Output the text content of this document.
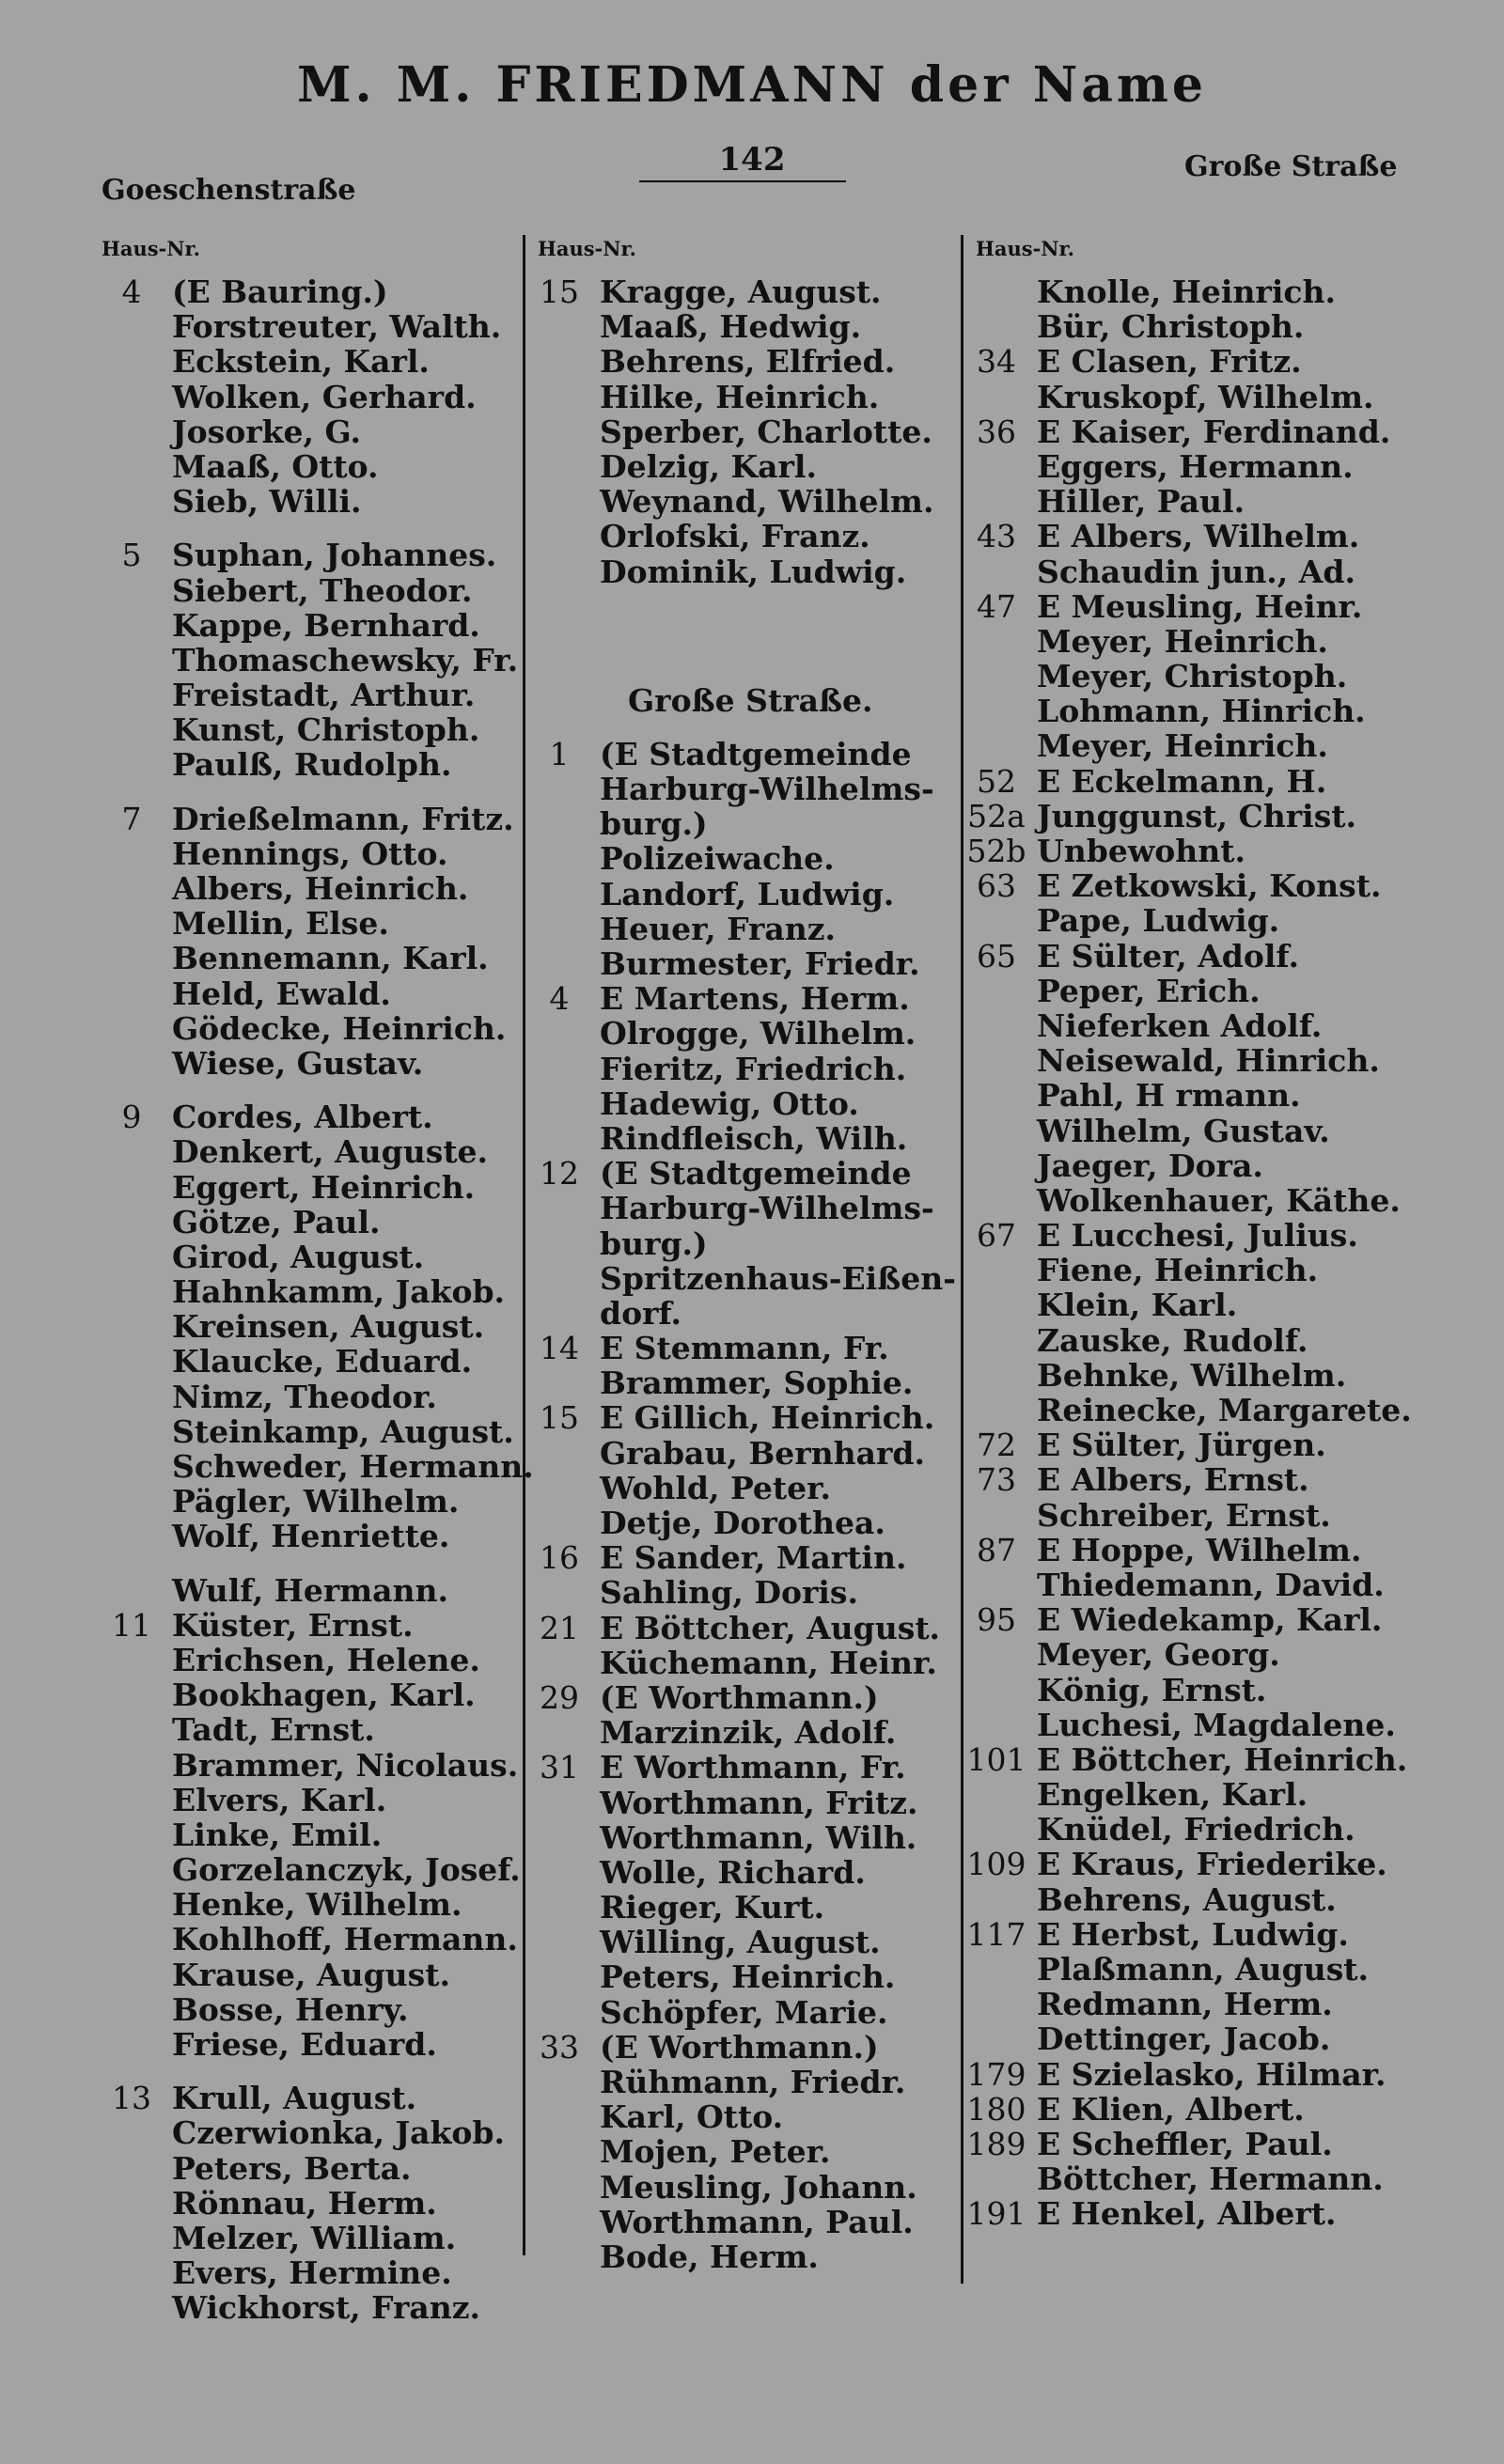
M. M. FRIEDMANN der Name
Goeschenstraße
142	Große Straße
Haus-Nr.	Haus-Nr.	Haus-Nr.
4 (E Bauring.)
Forstreuter, Walth.
Eckstein, Karl.
Wolken, Gerhard.
Josorke, G.
Maaß, Otto.
Sieb, Willi.
5 Suphan, Johannes.
Siebert, Theodor.
Kappe, Bernhard.
Thomaschewsky, Fr.
Freistadt, Arthur.
Kunst, Christoph.
Paulß, Rudolph.
7 Drießelmann, Fritz.
Hennings, Otto.
Albers, Heinrich.
Mellin, Else.
Bennemann, Karl.
Held, Ewald.
Gödecke, Heinrich.
Wiese, Gustav.
9 Cordes, Albert.
Denkert, Auguste.
Eggert, Heinrich.
Götze, Paul.
Girod, August.
Hahnkamm, Jakob.
Kreinsen, August.
Klaucke, Eduard.
Nimz, Theodor.
Steinkamp, August.
Schweder, Hermann.
Pägler, Wilhelm.
Wolf, Henriette.
Wulf, Hermann.
11 Küster, Ernst.
Erichsen, Helene.
Bookhagen, Karl.
Tadt, Ernst.
Brammer, Nicolaus.
Elvers, Karl.
Linke, Emil.
Gorzelanczyk, Josef.
Henke, Wilhelm.
Kohlhoff, Hermann.
Krause, August.
Bosse, Henry.
Friese, Eduard.
13 Krull, August.
Czerwionka, Jakob.
Peters, Berta.
Rönnau, Herm.
Melzer, William.
Evers, Hermine.
Wickhorst, Franz.
15 Kragge, August.
Maaß, Hedwig.
Behrens, Elfried.
Hilke, Heinrich.
Sperber, Charlotte.
Delzig, Karl.
Weynand, Wilhelm.
Orlofski, Franz.
Dominik, Ludwig.
Große Straße.
1 (E Stadtgemeinde
Harburg-Wilhelms-
burg.)
Polizeiwache.
Landorf, Ludwig.
Heuer, Franz.
Burmester, Friedr.
4 E Martens, Herm.
Olrogge, Wilhelm.
Fieritz, Friedrich.
Hadewig, Otto.
Rindfleisch, Wilh.
12 (E Stadtgemeinde
Harburg-Wilhelms-
burg.)
Spritzenhaus-Eißen-
dorf.
14 E Stemmann, Fr.
Brammer, Sophie.
15 E Gillich, Heinrich.
Grabau, Bernhard.
Wohld, Peter.
Detje, Dorothea.
16 E Sander, Martin.
Sahling, Doris.
21 E Böttcher, August.
Küchemann, Heinr.
29 (E Worthmann.)
Marzinzik, Adolf.
31 E Worthmann, Fr.
Worthmann, Fritz.
Worthmann, Wilh.
Wolle, Richard.
Rieger, Kurt.
Willing, August.
Peters, Heinrich.
Schöpfer, Marie.
33 (E Worthmann.)
Rühmann, Friedr.
Karl, Otto.
Mojen, Peter.
Meusling, Johann.
Worthmann, Paul.
Bode, Herm.
Knolle, Heinrich.
Bür, Christoph.
34 E Clasen, Fritz.
Kruskopf, Wilhelm.
36 E Kaiser, Ferdinand.
Eggers, Hermann.
Hiller, Paul.
43 E Albers, Wilhelm.
Schaudin jun., Ad.
47 E Meusling, Heinr.
Meyer, Heinrich.
Meyer, Christoph.
Lohmann, Hinrich.
Meyer, Heinrich.
52 E Eckelmann, H.
52a Junggunst, Christ.
52b Unbewohnt.
63 E Zetkowski, Konst.
Pape, Ludwig.
65 E Sülter, Adolf.
Peper, Erich.
Nieferken Adolf.
Neisewald, Hinrich.
Pahl, H rmann.
Wilhelm, Gustav.
Jaeger, Dora.
Wolkenhauer, Käthe.
67 E Lucchesi, Julius.
Fiene, Heinrich.
Klein, Karl.
Zauske, Rudolf.
Behnke, Wilhelm.
Reinecke, Margarete.
72 E Sülter, Jürgen.
73 E Albers, Ernst.
Schreiber, Ernst.
87 E Hoppe, Wilhelm.
Thiedemann, David.
95 E Wiedekamp, Karl.
Meyer, Georg.
König, Ernst.
Luchesi, Magdalene.
101 E Böttcher, Heinrich.
Engelken, Karl.
Knüdel, Friedrich.
109 E Kraus, Friederike.
Behrens, August.
117 E Herbst, Ludwig.
Plaßmann, August.
Redmann, Herm.
Dettinger, Jacob.
179 E Szielasko, Hilmar.
180 E Klien, Albert.
189 E Scheffler, Paul.
Böttcher, Hermann.
191 E Henkel, Albert.
